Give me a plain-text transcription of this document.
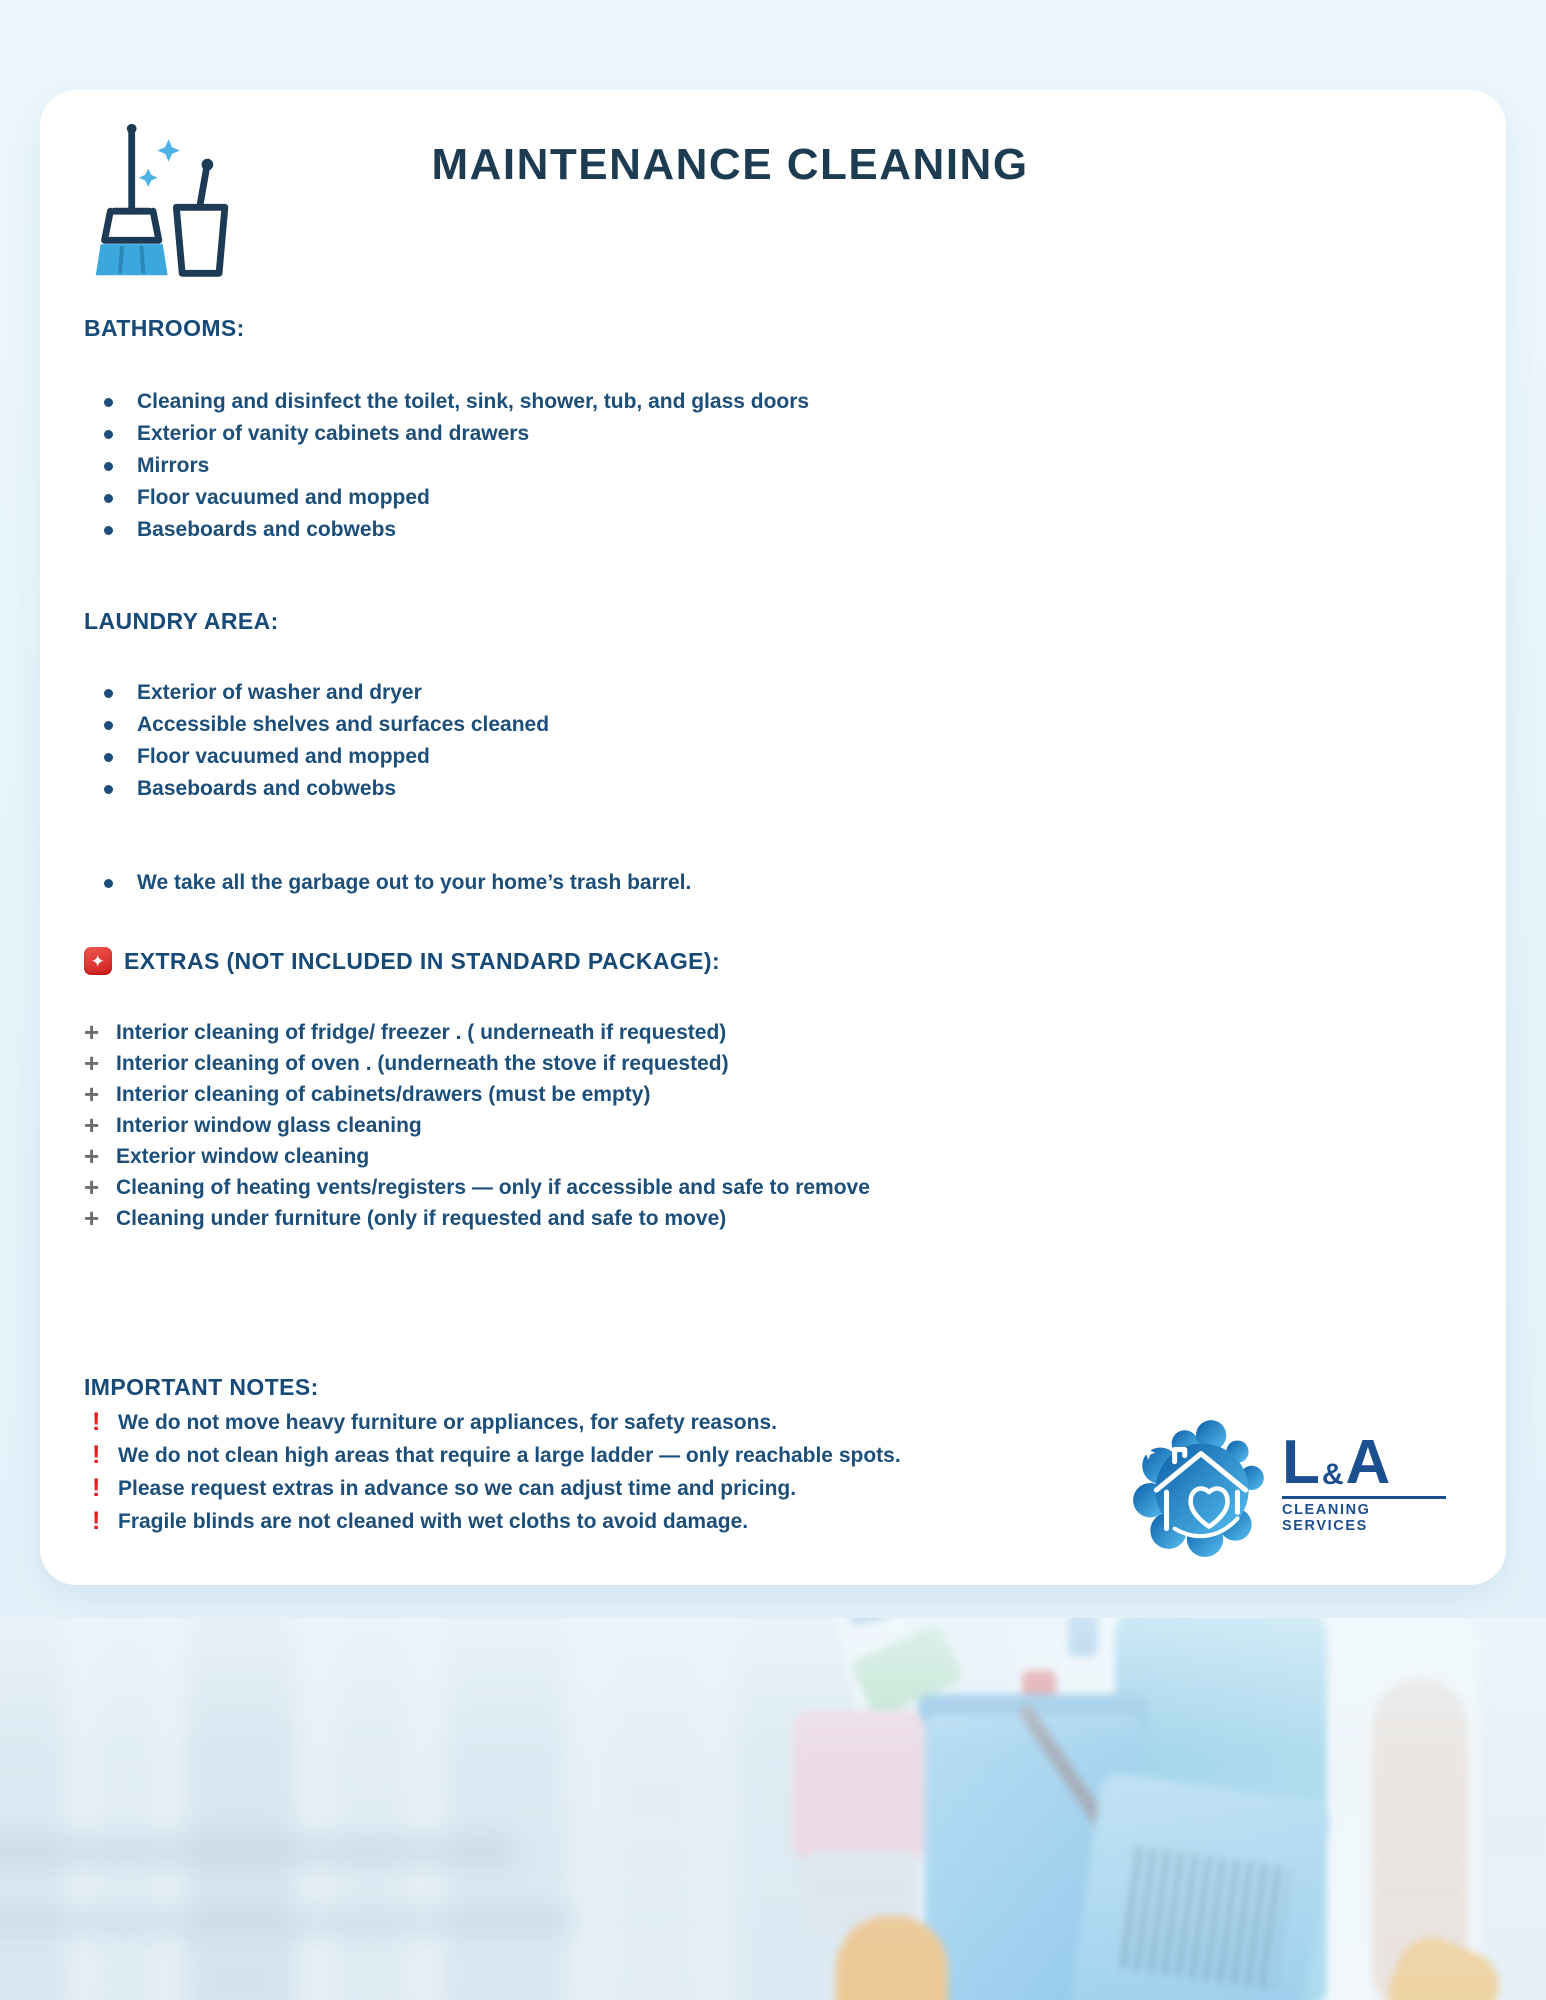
MAINTENANCE CLEANING
BATHROOMS:
Cleaning and disinfect the toilet, sink, shower, tub, and glass doors
Exterior of vanity cabinets and drawers
Mirrors
Floor vacuumed and mopped
Baseboards and cobwebs
LAUNDRY AREA:
Exterior of washer and dryer
Accessible shelves and surfaces cleaned
Floor vacuumed and mopped
Baseboards and cobwebs
We take all the garbage out to your home’s trash barrel.
✦ EXTRAS (NOT INCLUDED IN STANDARD PACKAGE):
+ Interior cleaning of fridge/ freezer . ( underneath if requested)
+ Interior cleaning of oven . (underneath the stove if requested)
+ Interior cleaning of cabinets/drawers (must be empty)
+ Interior window glass cleaning
+ Exterior window cleaning
+ Cleaning of heating vents/registers — only if accessible and safe to remove
+ Cleaning under furniture (only if requested and safe to move)
IMPORTANT NOTES:
! We do not move heavy furniture or appliances, for safety reasons.
! We do not clean high areas that require a large ladder — only reachable spots.
! Please request extras in advance so we can adjust time and pricing.
! Fragile blinds are not cleaned with wet cloths to avoid damage.
L & A
CLEANING SERVICES
